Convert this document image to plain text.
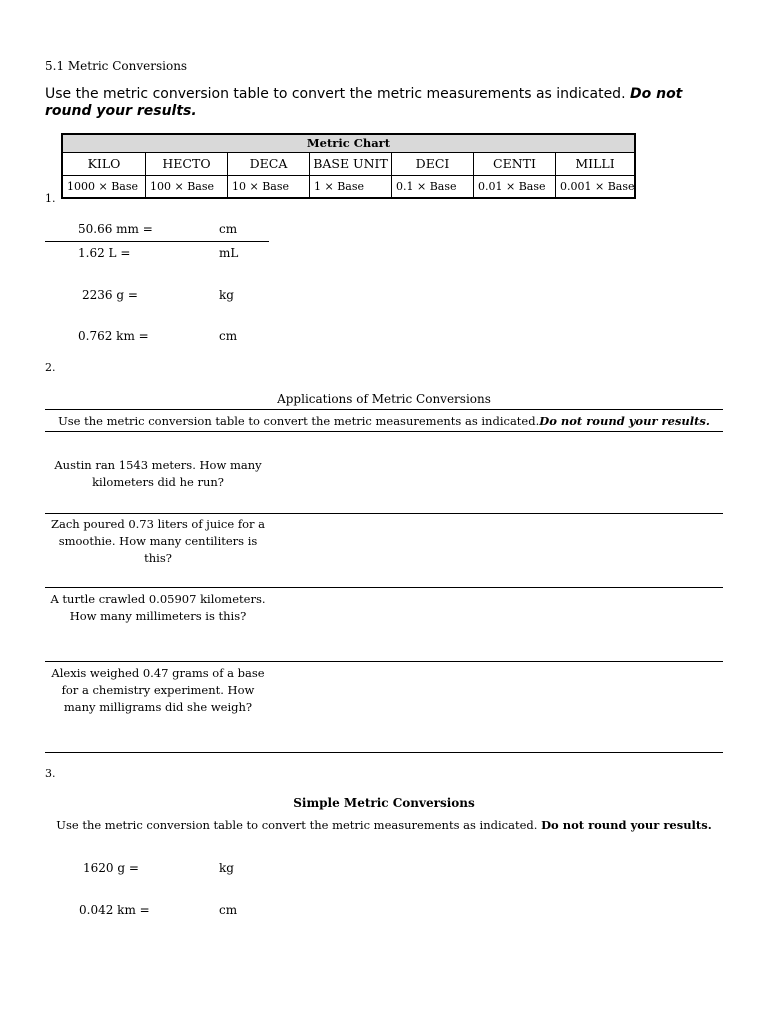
5.1 Metric Conversions
Use the metric conversion table to convert the metric measurements as indicated. Do not round your results.
Metric Chart
KILO	HECTO	DECA	BASE UNIT	DECI	CENTI	MILLI
1000 × Base	100 × Base	10 × Base	1 × Base	0.1 × Base	0.01 × Base	0.001 × Base
1.
50.66 mm =	cm
1.62 L =	mL
2236 g =	kg
0.762 km =	cm
2.
Applications of Metric Conversions
Use the metric conversion table to convert the metric measurements as indicated.Do not round your results.
Austin ran 1543 meters. How many kilometers did he run?
Zach poured 0.73 liters of juice for a smoothie. How many centiliters is this?
A turtle crawled 0.05907 kilometers. How many millimeters is this?
Alexis weighed 0.47 grams of a base for a chemistry experiment. How many milligrams did she weigh?
3.
Simple Metric Conversions
Use the metric conversion table to convert the metric measurements as indicated. Do not round your results.
1620 g =	kg
0.042 km =	cm
